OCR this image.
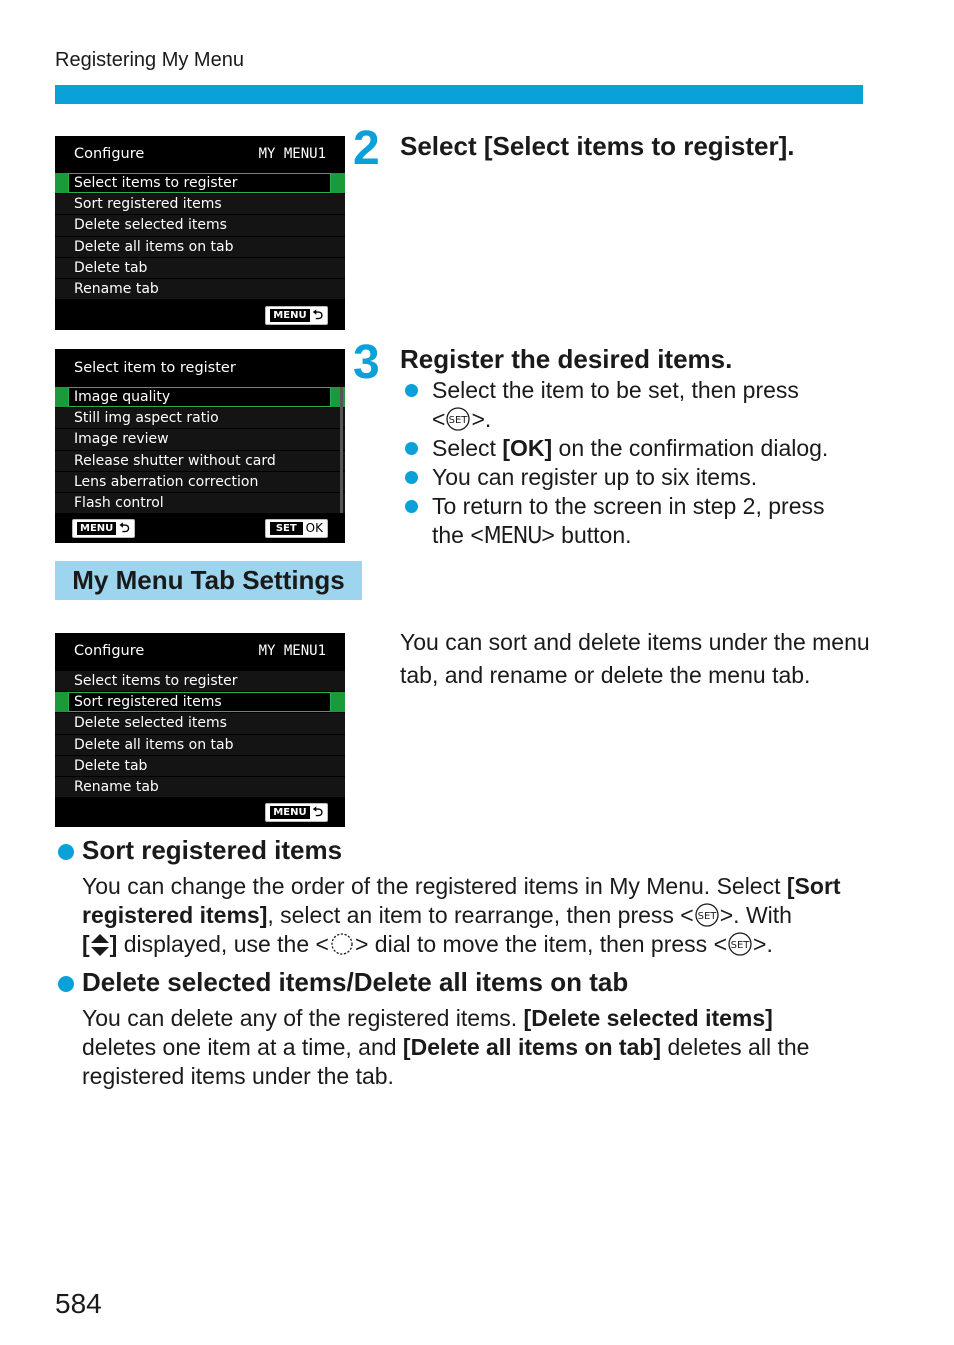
Registering My Menu
Configure	MY MENU1
Select items to register
Sort registered items
Delete selected items
Delete all items on tab
Delete tab
Rename tab
MENU ⮌
2 Select [Select items to register].
Select item to register
Image quality
Still img aspect ratio
Image review
Release shutter without card
Lens aberration correction
Flash control
MENU ⮌	SET OK
3 Register the desired items.
Select the item to be set, then press
< SET >.
Select [OK] on the confirmation dialog.
You can register up to six items.
To return to the screen in step 2, press
the <MENU> button.
My Menu Tab Settings
You can sort and delete items under the menu tab, and rename or delete the menu tab.
Configure	MY MENU1
Select items to register
Sort registered items
Delete selected items
Delete all items on tab
Delete tab
Rename tab
MENU ⮌
Sort registered items
You can change the order of the registered items in My Menu. Select [Sort
registered items], select an item to rearrange, then press < SET >. With
[ ] displayed, use the < > dial to move the item, then press < SET >.
Delete selected items/Delete all items on tab
You can delete any of the registered items. [Delete selected items]
deletes one item at a time, and [Delete all items on tab] deletes all the
registered items under the tab.
584
